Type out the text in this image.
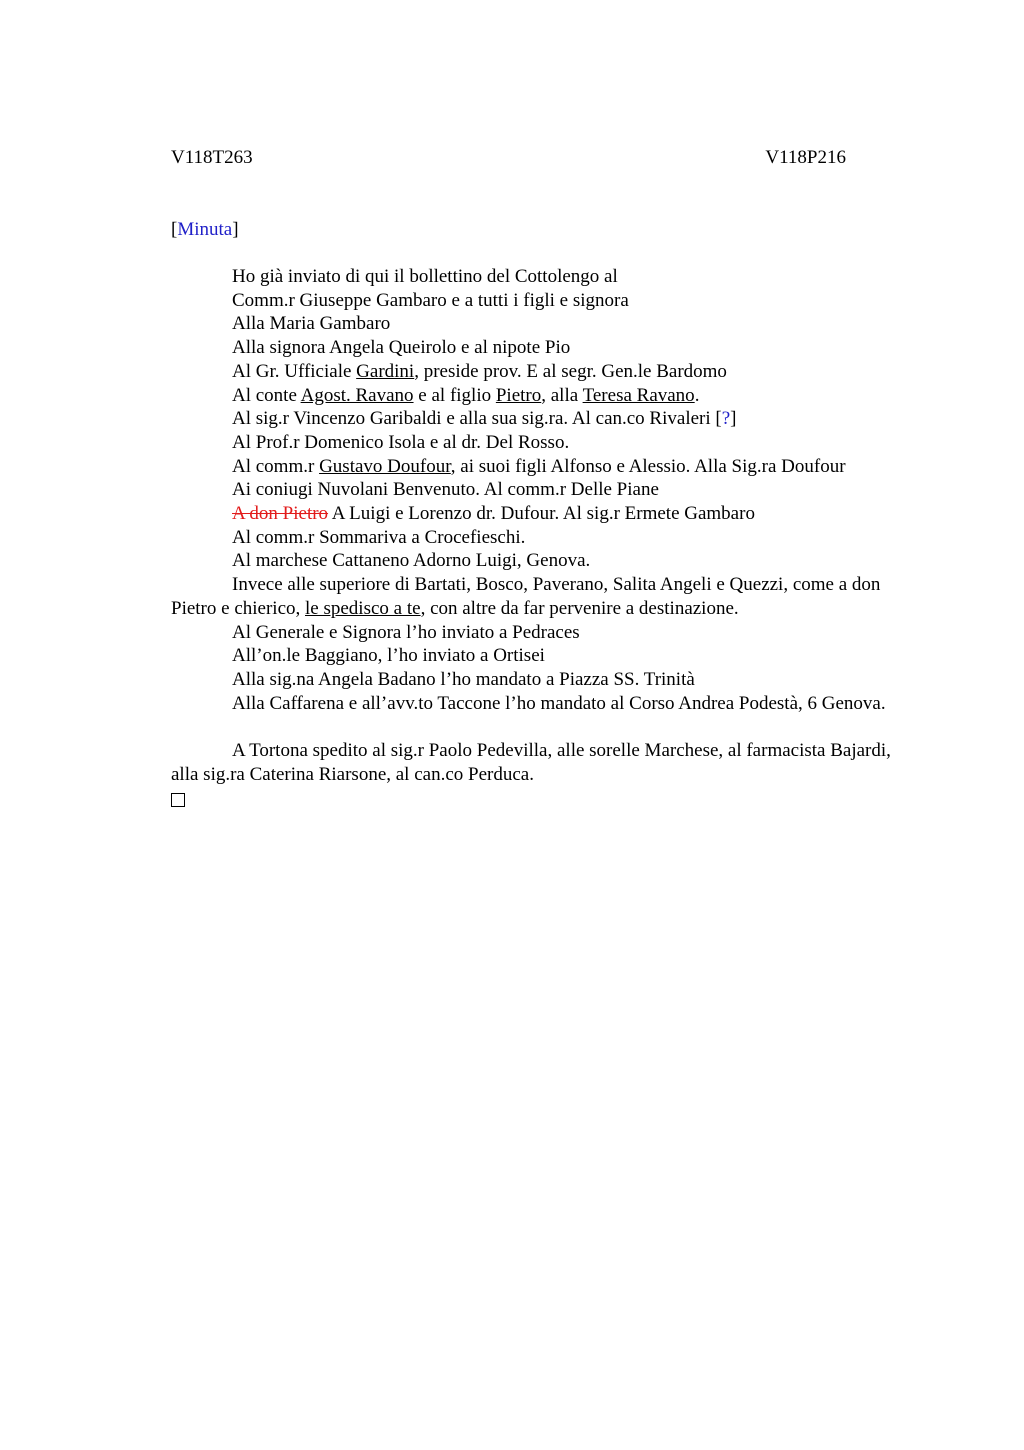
V118T263	V118P216
[Minuta]
Ho già inviato di qui il bollettino del Cottolengo al
Comm.r Giuseppe Gambaro e a tutti i figli e signora
Alla Maria Gambaro
Alla signora Angela Queirolo e al nipote Pio
Al Gr. Ufficiale Gardini, preside prov. E al segr. Gen.le Bardomo
Al conte Agost. Ravano e al figlio Pietro, alla Teresa Ravano.
Al sig.r Vincenzo Garibaldi e alla sua sig.ra. Al can.co Rivaleri [?]
Al Prof.r Domenico Isola e al dr. Del Rosso.
Al comm.r Gustavo Doufour, ai suoi figli Alfonso e Alessio. Alla Sig.ra Doufour
Ai coniugi Nuvolani Benvenuto. Al comm.r Delle Piane
A don Pietro A Luigi e Lorenzo dr. Dufour. Al sig.r Ermete Gambaro
Al comm.r Sommariva a Crocefieschi.
Al marchese Cattaneno Adorno Luigi, Genova.
Invece alle superiore di Bartati, Bosco, Paverano, Salita Angeli e Quezzi, come a don Pietro e chierico, le spedisco a te, con altre da far pervenire a destinazione.
Al Generale e Signora l’ho inviato a Pedraces
All’on.le Baggiano, l’ho inviato a Ortisei
Alla sig.na Angela Badano l’ho mandato a Piazza SS. Trinità
Alla Caffarena e all’avv.to Taccone l’ho mandato al Corso Andrea Podestà, 6 Genova.
A Tortona spedito al sig.r Paolo Pedevilla, alle sorelle Marchese, al farmacista Bajardi, alla sig.ra Caterina Riarsone, al can.co Perduca.
